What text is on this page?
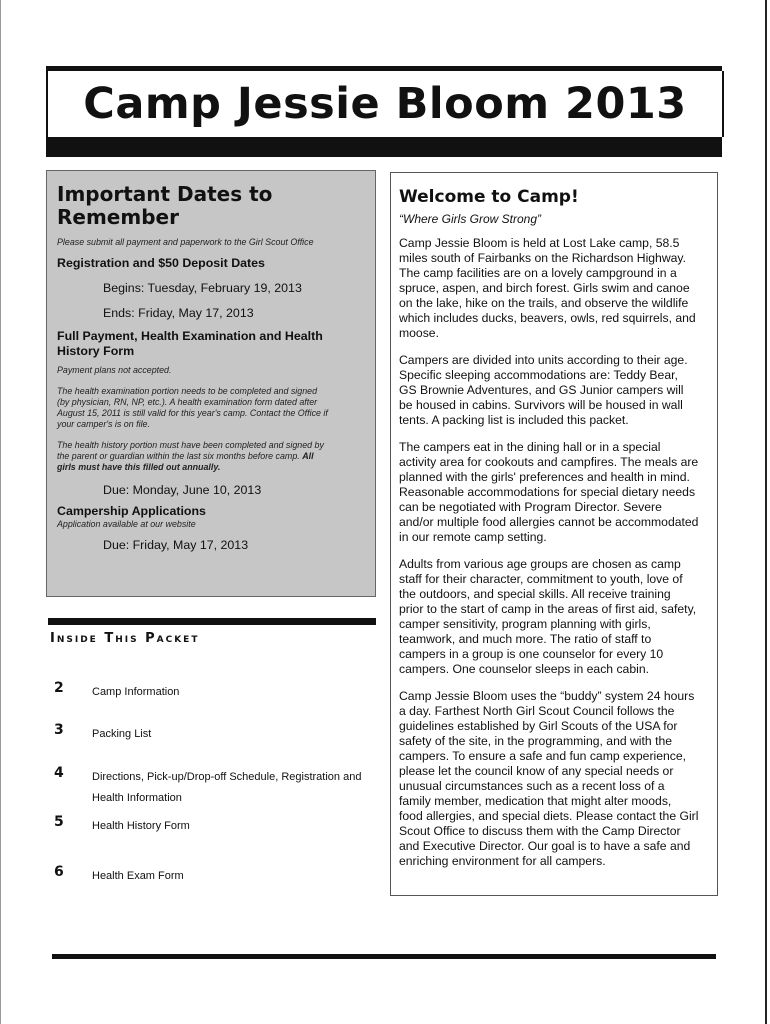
Camp Jessie Bloom 2013
Important Dates to
Remember
Please submit all payment and paperwork to the Girl Scout Office
Registration and $50 Deposit Dates
Begins: Tuesday, February 19, 2013
Ends: Friday, May 17, 2013
Full Payment, Health Examination and Health
History Form
Payment plans not accepted.
The health examination portion needs to be completed and signed
(by physician, RN, NP, etc.). A health examination form dated after
August 15, 2011 is still valid for this year's camp. Contact the Office if
your camper's is on file.
The health history portion must have been completed and signed by
the parent or guardian within the last six months before camp. All
girls must have this filled out annually.
Due: Monday, June 10, 2013
Campership Applications
Application available at our website
Due: Friday, May 17, 2013
Inside This Packet
2	Camp Information
3	Packing List
4	Directions, Pick-up/Drop-off Schedule, Registration and
Health Information
5	Health History Form
6	Health Exam Form
Welcome to Camp!
“Where Girls Grow Strong”
Camp Jessie Bloom is held at Lost Lake camp, 58.5
miles south of Fairbanks on the Richardson Highway.
The camp facilities are on a lovely campground in a
spruce, aspen, and birch forest. Girls swim and canoe
on the lake, hike on the trails, and observe the wildlife
which includes ducks, beavers, owls, red squirrels, and
moose.
Campers are divided into units according to their age.
Specific sleeping accommodations are: Teddy Bear,
GS Brownie Adventures, and GS Junior campers will
be housed in cabins. Survivors will be housed in wall
tents. A packing list is included this packet.
The campers eat in the dining hall or in a special
activity area for cookouts and campfires. The meals are
planned with the girls' preferences and health in mind.
Reasonable accommodations for special dietary needs
can be negotiated with Program Director. Severe
and/or multiple food allergies cannot be accommodated
in our remote camp setting.
Adults from various age groups are chosen as camp
staff for their character, commitment to youth, love of
the outdoors, and special skills. All receive training
prior to the start of camp in the areas of first aid, safety,
camper sensitivity, program planning with girls,
teamwork, and much more. The ratio of staff to
campers in a group is one counselor for every 10
campers. One counselor sleeps in each cabin.
Camp Jessie Bloom uses the “buddy” system 24 hours
a day. Farthest North Girl Scout Council follows the
guidelines established by Girl Scouts of the USA for
safety of the site, in the programming, and with the
campers. To ensure a safe and fun camp experience,
please let the council know of any special needs or
unusual circumstances such as a recent loss of a
family member, medication that might alter moods,
food allergies, and special diets. Please contact the Girl
Scout Office to discuss them with the Camp Director
and Executive Director. Our goal is to have a safe and
enriching environment for all campers.
